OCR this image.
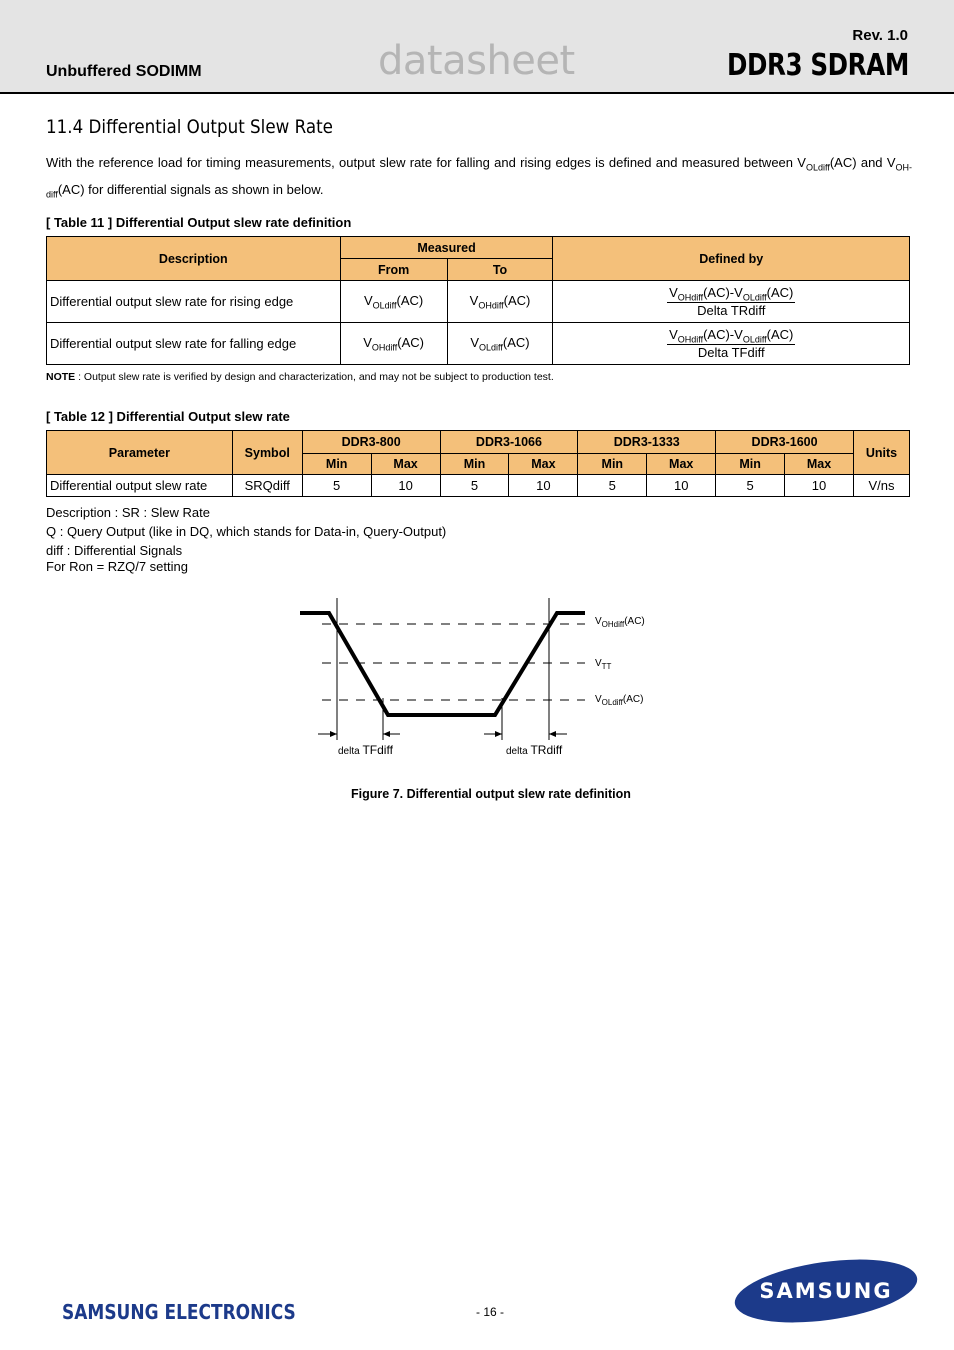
Rev. 1.0
DDR3 SDRAM
Unbuffered SODIMM	datasheet
11.4 Differential Output Slew Rate
With the reference load for timing measurements, output slew rate for falling and rising edges is defined and measured between $V_{OLdiff}(AC)$ and $V_{OH-diff}(AC)$ for differential signals as shown in below.
[ Table 11 ] Differential Output slew rate definition
Description	Measured		Defined by
	From	To	
Differential output slew rate for rising edge	$V_{OLdiff}(AC)$	$V_{OHdiff}(AC)$	$\frac{V_{OHdiff}(AC)-V_{OLdiff}(AC)}{\text{Delta TRdiff}}$

Differential output slew rate for falling edge	$V_{OHdiff}(AC)$	$V_{OLdiff}(AC)$	$\frac{V_{OHdiff}(AC)-V_{OLdiff}(AC)}{\text{Delta TFdiff}}$
NOTE : Output slew rate is verified by design and characterization, and may not be subject to production test.
[ Table 12 ] Differential Output slew rate
Parameter	Symbol	DDR3-800		DDR3-1066		DDR3-1333		DDR3-1600		Units
		Min	Max	Min	Max	Min	Max	Min	Max	
Differential output slew rate	SRQdiff	5	10	5	10	5	10	5	10	V/ns
Description : SR : Slew Rate
Q : Query Output (like in DQ, which stands for Data-in, Query-Output)
diff : Differential Signals
For Ron = RZQ/7 setting
$V_{OHdiff}(AC)$
$V_{TT}$
$V_{OLdiff}(AC)$
delta TFdiff	delta TRdiff
Figure 7. Differential output slew rate definition
SAMSUNG ELECTRONICS	- 16 -
SAMSUNG
